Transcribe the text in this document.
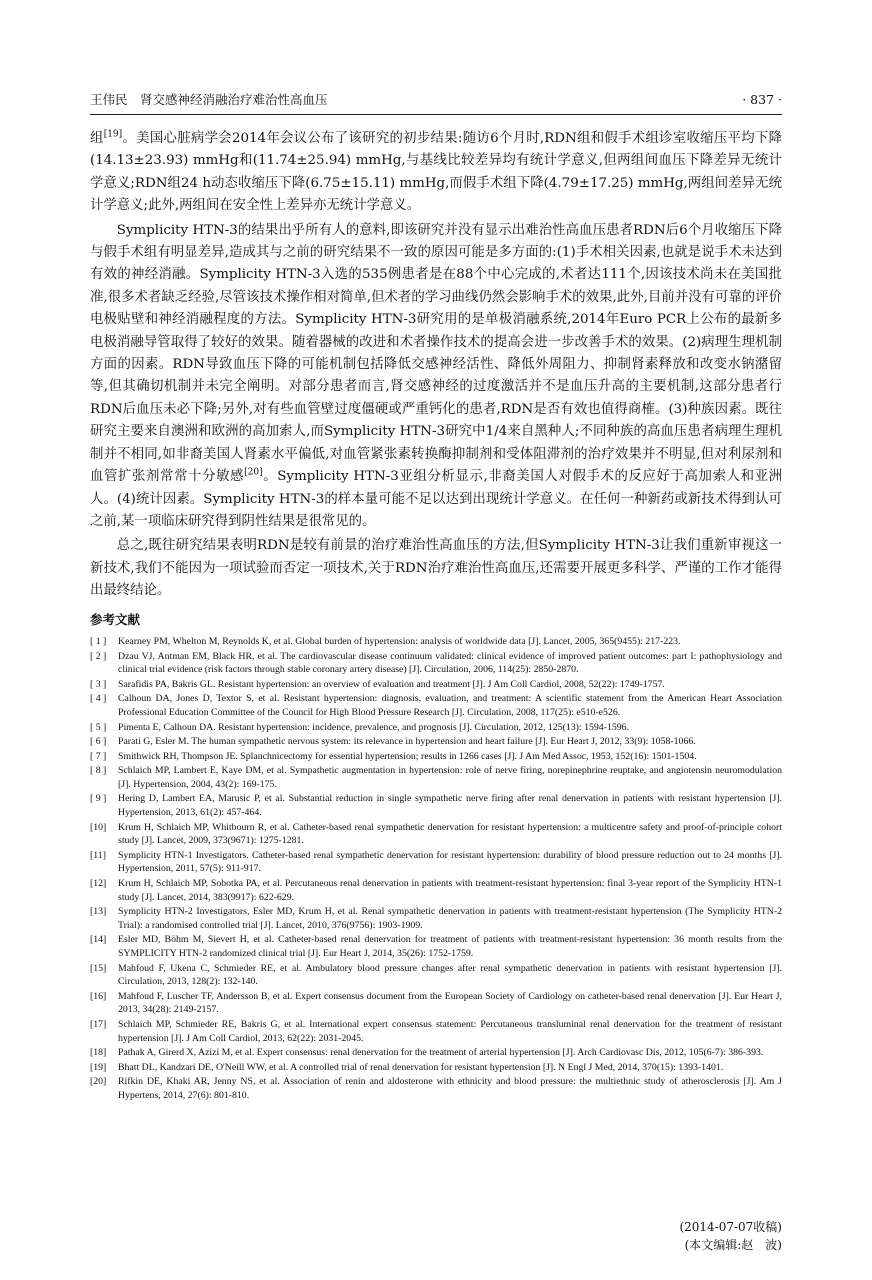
王伟民　肾交感神经消融治疗难治性高血压	· 837 ·

组[19]。美国心脏病学会2014年会议公布了该研究的初步结果:随访6个月时,RDN组和假手术组诊室收缩压平均下降(14.13±23.93) mmHg和(11.74±25.94) mmHg,与基线比较差异均有统计学意义,但两组间血压下降差异无统计学意义;RDN组24 h动态收缩压下降(6.75±15.11) mmHg,而假手术组下降(4.79±17.25) mmHg,两组间差异无统计学意义;此外,两组间在安全性上差异亦无统计学意义。

Symplicity HTN-3的结果出乎所有人的意料,即该研究并没有显示出难治性高血压患者RDN后6个月收缩压下降与假手术组有明显差异,造成其与之前的研究结果不一致的原因可能是多方面的:(1)手术相关因素,也就是说手术未达到有效的神经消融。Symplicity HTN-3入选的535例患者是在88个中心完成的,术者达111个,因该技术尚未在美国批准,很多术者缺乏经验,尽管该技术操作相对简单,但术者的学习曲线仍然会影响手术的效果,此外,目前并没有可靠的评价电极贴壁和神经消融程度的方法。Symplicity HTN-3研究用的是单极消融系统,2014年Euro PCR上公布的最新多电极消融导管取得了较好的效果。随着器械的改进和术者操作技术的提高会进一步改善手术的效果。(2)病理生理机制方面的因素。RDN导致血压下降的可能机制包括降低交感神经活性、降低外周阻力、抑制肾素释放和改变水钠潴留等,但其确切机制并未完全阐明。对部分患者而言,肾交感神经的过度激活并不是血压升高的主要机制,这部分患者行RDN后血压未必下降;另外,对有些血管壁过度僵硬或严重钙化的患者,RDN是否有效也值得商榷。(3)种族因素。既往研究主要来自澳洲和欧洲的高加索人,而Symplicity HTN-3研究中1/4来自黑种人;不同种族的高血压患者病理生理机制并不相同,如非裔美国人肾素水平偏低,对血管紧张素转换酶抑制剂和受体阻滞剂的治疗效果并不明显,但对利尿剂和血管扩张剂常常十分敏感[20]。Symplicity HTN-3亚组分析显示,非裔美国人对假手术的反应好于高加索人和亚洲人。(4)统计因素。Symplicity HTN-3的样本量可能不足以达到出现统计学意义。在任何一种新药或新技术得到认可之前,某一项临床研究得到阴性结果是很常见的。

总之,既往研究结果表明RDN是较有前景的治疗难治性高血压的方法,但Symplicity HTN-3让我们重新审视这一新技术,我们不能因为一项试验而否定一项技术,关于RDN治疗难治性高血压,还需要开展更多科学、严谨的工作才能得出最终结论。

参考文献
[ 1 ] Kearney PM, Whelton M, Reynolds K, et al. Global burden of hypertension: analysis of worldwide data [J]. Lancet, 2005, 365(9455): 217-223.
[ 2 ] Dzau VJ, Antman EM, Black HR, et al. The cardiovascular disease continuum validated: clinical evidence of improved patient outcomes: part I: pathophysiology and clinical trial evidence (risk factors through stable coronary artery disease) [J]. Circulation, 2006, 114(25): 2850-2870.
[ 3 ] Sarafidis PA, Bakris GL. Resistant hypertension: an overview of evaluation and treatment [J]. J Am Coll Cardiol, 2008, 52(22): 1749-1757.
[ 4 ] Calhoun DA, Jones D, Textor S, et al. Resistant hypertension: diagnosis, evaluation, and treatment: A scientific statement from the American Heart Association Professional Education Committee of the Council for High Blood Pressure Research [J]. Circulation, 2008, 117(25): e510-e526.
[ 5 ] Pimenta E, Calhoun DA. Resistant hypertension: incidence, prevalence, and prognosis [J]. Circulation, 2012, 125(13): 1594-1596.
[ 6 ] Parati G, Esler M. The human sympathetic nervous system: its relevance in hypertension and heart failure [J]. Eur Heart J, 2012, 33(9): 1058-1066.
[ 7 ] Smithwick RH, Thompson JE. Splanchnicectomy for essential hypertension; results in 1266 cases [J]. J Am Med Assoc, 1953, 152(16): 1501-1504.
[ 8 ] Schlaich MP, Lambert E, Kaye DM, et al. Sympathetic augmentation in hypertension: role of nerve firing, norepinephrine reuptake, and angiotensin neuromodulation [J]. Hypertension, 2004, 43(2): 169-175.
[ 9 ] Hering D, Lambert EA, Marusic P, et al. Substantial reduction in single sympathetic nerve firing after renal denervation in patients with resistant hypertension [J]. Hypertension, 2013, 61(2): 457-464.
[10] Krum H, Schlaich MP, Whitbourn R, et al. Catheter-based renal sympathetic denervation for resistant hypertension: a multicentre safety and proof-of-principle cohort study [J]. Lancet, 2009, 373(9671): 1275-1281.
[11] Symplicity HTN-1 Investigators. Catheter-based renal sympathetic denervation for resistant hypertension: durability of blood pressure reduction out to 24 months [J]. Hypertension, 2011, 57(5): 911-917.
[12] Krum H, Schlaich MP, Sobotka PA, et al. Percutaneous renal denervation in patients with treatment-resistant hypertension: final 3-year report of the Symplicity HTN-1 study [J]. Lancet, 2014, 383(9917): 622-629.
[13] Symplicity HTN-2 Investigators, Esler MD, Krum H, et al. Renal sympathetic denervation in patients with treatment-resistant hypertension (The Symplicity HTN-2 Trial): a randomised controlled trial [J]. Lancet, 2010, 376(9756): 1903-1909.
[14] Esler MD, Böhm M, Sievert H, et al. Catheter-based renal denervation for treatment of patients with treatment-resistant hypertension: 36 month results from the SYMPLICITY HTN-2 randomized clinical trial [J]. Eur Heart J, 2014, 35(26): 1752-1759.
[15] Mahfoud F, Ukena C, Schmieder RE, et al. Ambulatory blood pressure changes after renal sympathetic denervation in patients with resistant hypertension [J]. Circulation, 2013, 128(2): 132-140.
[16] Mahfoud F, Luscher TF, Andersson B, et al. Expert consensus document from the European Society of Cardiology on catheter-based renal denervation [J]. Eur Heart J, 2013, 34(28): 2149-2157.
[17] Schlaich MP, Schmieder RE, Bakris G, et al. International expert consensus statement: Percutaneous transluminal renal denervation for the treatment of resistant hypertension [J]. J Am Coll Cardiol, 2013, 62(22): 2031-2045.
[18] Pathak A, Girerd X, Azizi M, et al. Expert consensus: renal denervation for the treatment of arterial hypertension [J]. Arch Cardiovasc Dis, 2012, 105(6-7): 386-393.
[19] Bhatt DL, Kandzari DE, O'Neill WW, et al. A controlled trial of renal denervation for resistant hypertension [J]. N Engl J Med, 2014, 370(15): 1393-1401.
[20] Rifkin DE, Khaki AR, Jenny NS, et al. Association of renin and aldosterone with ethnicity and blood pressure: the multiethnic study of atherosclerosis [J]. Am J Hypertens, 2014, 27(6): 801-810.
(2014-07-07收稿)
(本文编辑:赵　波)
